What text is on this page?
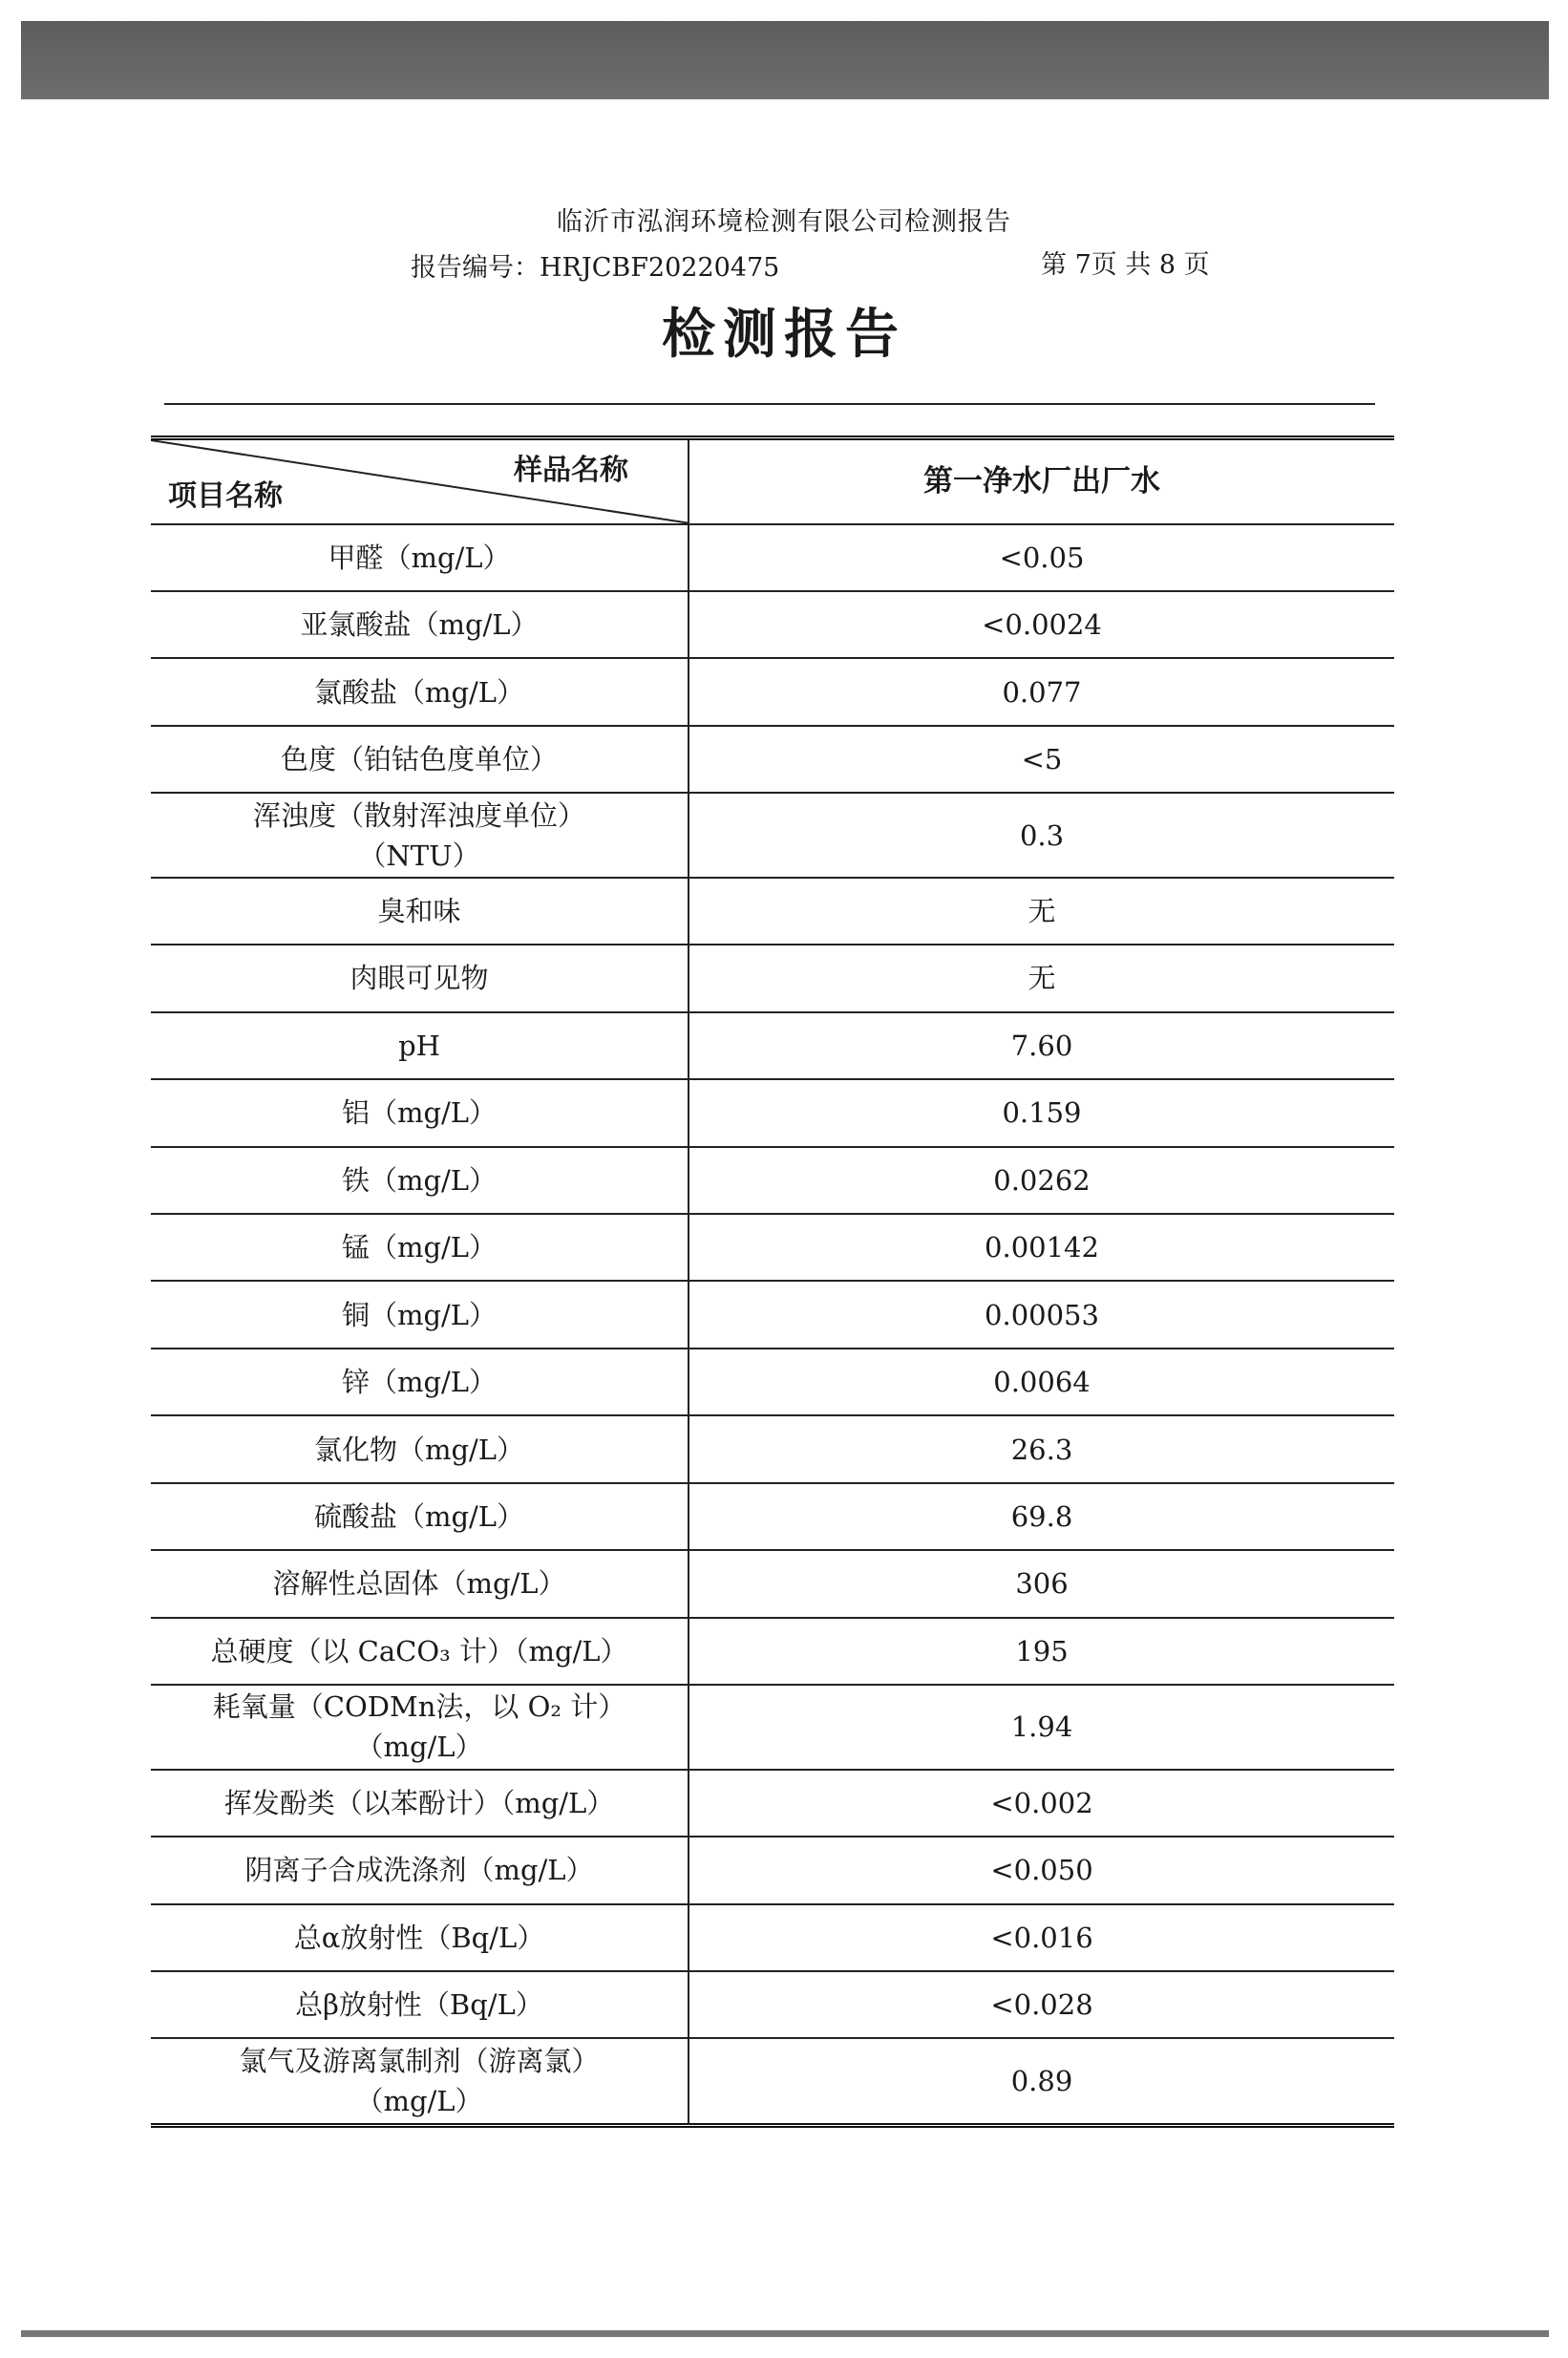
临沂市泓润环境检测有限公司检测报告
报告编号：HRJCBF20220475	第 7页 共 8 页
检测报告
样品名称
项目名称	第一净水厂出厂水

甲醛（mg/L）	<0.05

亚氯酸盐（mg/L）	<0.0024

氯酸盐（mg/L）	0.077

色度（铂钴色度单位）	<5

浑浊度（散射浑浊度单位）
（NTU）	0.3

臭和味	无

肉眼可见物	无

pH	7.60

铝（mg/L）	0.159

铁（mg/L）	0.0262

锰（mg/L）	0.00142

铜（mg/L）	0.00053

锌（mg/L）	0.0064

氯化物（mg/L）	26.3

硫酸盐（mg/L）	69.8

溶解性总固体（mg/L）	306

总硬度（以 CaCO₃ 计）（mg/L）	195

耗氧量（CODMn法，以 O₂ 计）
（mg/L）	1.94

挥发酚类（以苯酚计）（mg/L）	<0.002

阴离子合成洗涤剂（mg/L）	<0.050

总α放射性（Bq/L）	<0.016

总β放射性（Bq/L）	<0.028

氯气及游离氯制剂（游离氯）
（mg/L）	0.89
